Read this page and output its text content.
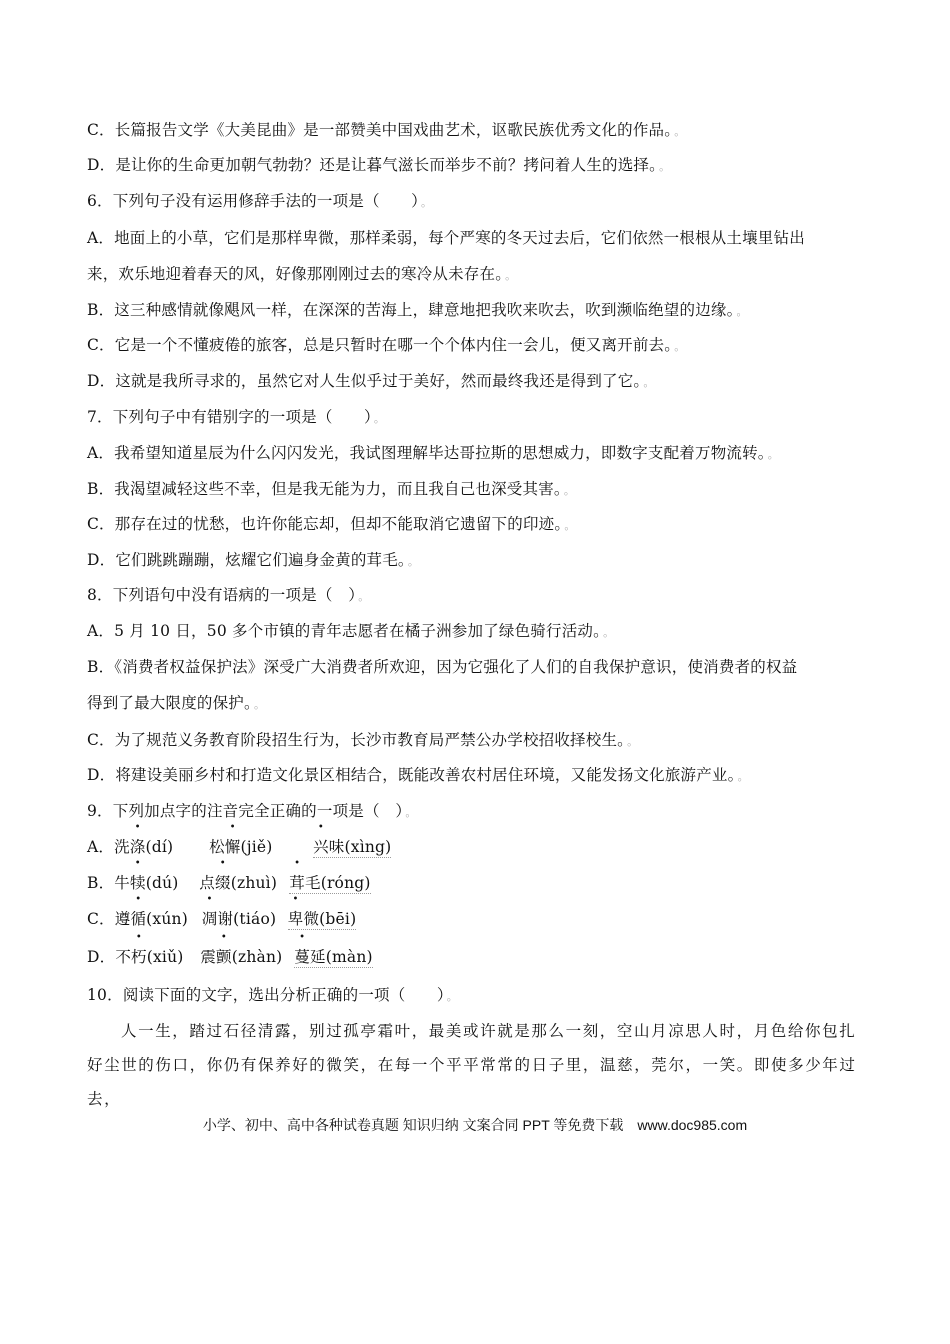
C．长篇报告文学《大美昆曲》是一部赞美中国戏曲艺术，讴歌民族优秀文化的作品。 。
D．是让你的生命更加朝气勃勃？还是让暮气滋长而举步不前？拷问着人生的选择。 。
6．下列句子没有运用修辞手法的一项是（　　） 。
A．地面上的小草，它们是那样卑微，那样柔弱，每个严寒的冬天过去后，它们依然一根根从土壤里钻出
来，欢乐地迎着春天的风，好像那刚刚过去的寒冷从未存在。 。
B．这三种感情就像飓风一样，在深深的苦海上，肆意地把我吹来吹去，吹到濒临绝望的边缘。 。
C．它是一个不懂疲倦的旅客，总是只暂时在哪一个个体内住一会儿，便又离开前去。 。
D．这就是我所寻求的，虽然它对人生似乎过于美好，然而最终我还是得到了它。 。
7．下列句子中有错别字的一项是（　　） 。
A．我希望知道星辰为什么闪闪发光，我试图理解毕达哥拉斯的思想威力，即数字支配着万物流转。 。
B．我渴望减轻这些不幸，但是我无能为力，而且我自己也深受其害。 。
C．那存在过的忧愁，也许你能忘却，但却不能取消它遗留下的印迹。 。
D．它们跳跳蹦蹦，炫耀它们遍身金黄的茸毛。 。
8．下列语句中没有语病的一项是（　） 。
A．5 月 10 日，50 多个市镇的青年志愿者在橘子洲参加了绿色骑行活动。 。
B．《消费者权益保护法》深受广大消费者所欢迎，因为它强化了人们的自我保护意识，使消费者的权益
得到了最大限度的保护。 。
C．为了规范义务教育阶段招生行为，长沙市教育局严禁公办学校招收择校生。 。
D．将建设美丽乡村和打造文化景区相结合，既能改善农村居住环境，又能发扬文化旅游产业。 。
9．下列加点字的注音完全正确的一项是（　） 。
A．洗涤(dí) 松懈(jiě)	兴味(xìng)
B．牛犊(dú) 点缀(zhuì) 茸毛(róng)
C．遵循(xún) 凋谢(tiáo) 卑微(bēi)
D．不朽(xiǔ) 震颤(zhàn) 蔓延(màn)
10．阅读下面的文字，选出分析正确的一项（　　） 。
人一生，踏过石径清露，别过孤亭霜叶，最美或许就是那么一刻，空山月凉思人时，月色给你包扎好尘世的伤口，你仍有保养好的微笑，在每一个平平常常的日子里，温慈，莞尔，一笑。即使多少年过去，
小学、初中、高中各种试卷真题 知识归纳 文案合同 PPT 等免费下载 www.doc985.com
